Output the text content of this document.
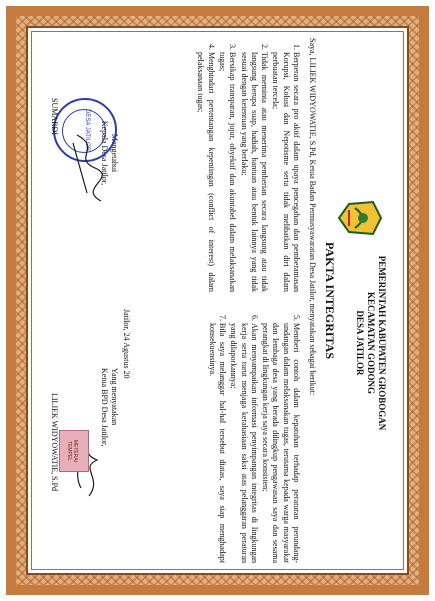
PEMERINTAH KABUPATEN GROBOGAN
KECAMATAN GODONG
DESA JATILOR
PAKTA INTEGRITAS
Saya, LILIEK WIDYOWATIE, S.Pd, Ketua Badan Permusyawaratan Desa Jatilor, menyatakan sebagai berikut:
1. Berperan secara pro aktif dalam upaya pencegahan dan pemberantasan Korupsi, Kolusi dan Nepotisme serta tidak melibatkan diri dalam perbuatan tercela;
2. Tidak meminta atau menerima pemberian secara langsung atau tidak langsung berupa suap, hadiah, bantuan atau bentuk lainnya yang tidak sesuai dengan ketentuan yang berlaku;
3. Bersikap transparan, jujur, obyektif dan akuntabel dalam melaksanakan tugas;
4. Menghindari pertentangan kepentingan (conflict of interest) dalam pelaksanaan tugas;
5. Memberi contoh dalam kepatuhan terhadap peraturan perundang-undangan dalam melaksanakan tugas, terutama kepada warga masyarakat dan lembaga desa yang berada dilingkup pengawasan saya dan sesama perangkat di lingkungan kerja saya secara konsisten;
6. Akan menyampaikan informasi penyimpangan integritas di lingkungan kerja serta turut menjaga kerahasiaan saksi atas pelanggaran peraturan yang dilaporkannya;
7. Bila saya melanggar hal-hal tersebut diatas, saya siap menghadapi konsekuensinya.
Jatilor, 24 Agustus 20
Mengetahui
Kepala Desa Jatilor,
DESA JATILOR
SUMARDI
Yang menyatakan
Ketua BPD Desa Jatilor,
METERAI TEMPEL
LILIEK WIDYOWATIE, S.Pd
